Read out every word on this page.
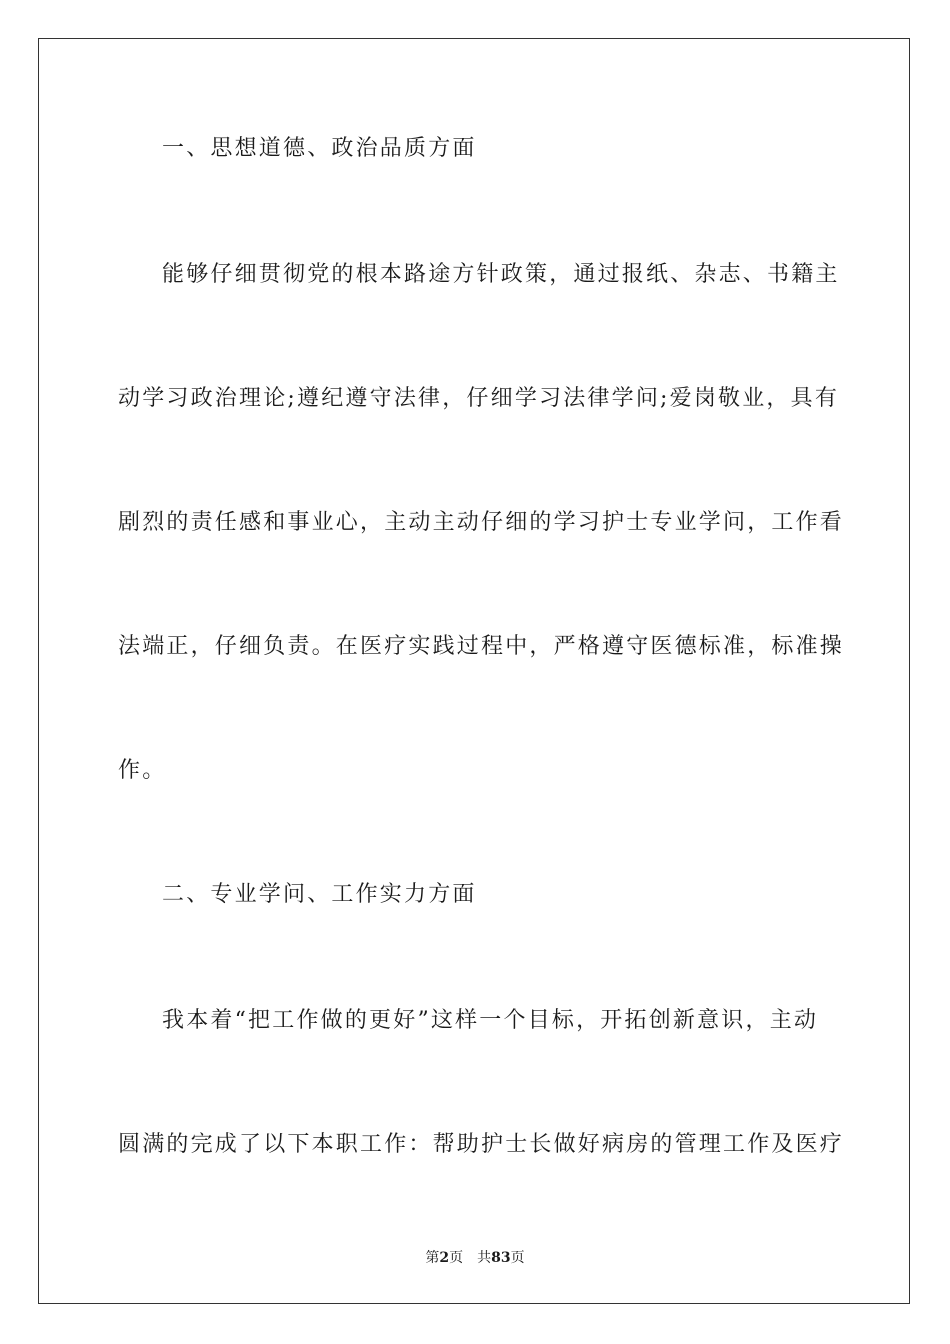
一、思想道德、政治品质方面
能够仔细贯彻党的根本路途方针政策，通过报纸、杂志、书籍主
动学习政治理论;遵纪遵守法律，仔细学习法律学问;爱岗敬业，具有
剧烈的责任感和事业心，主动主动仔细的学习护士专业学问，工作看
法端正，仔细负责。在医疗实践过程中，严格遵守医德标准，标准操
作。
二、专业学问、工作实力方面
我本着“把工作做的更好”这样一个目标，开拓创新意识，主动
圆满的完成了以下本职工作：帮助护士长做好病房的管理工作及医疗
第2页　共83页
